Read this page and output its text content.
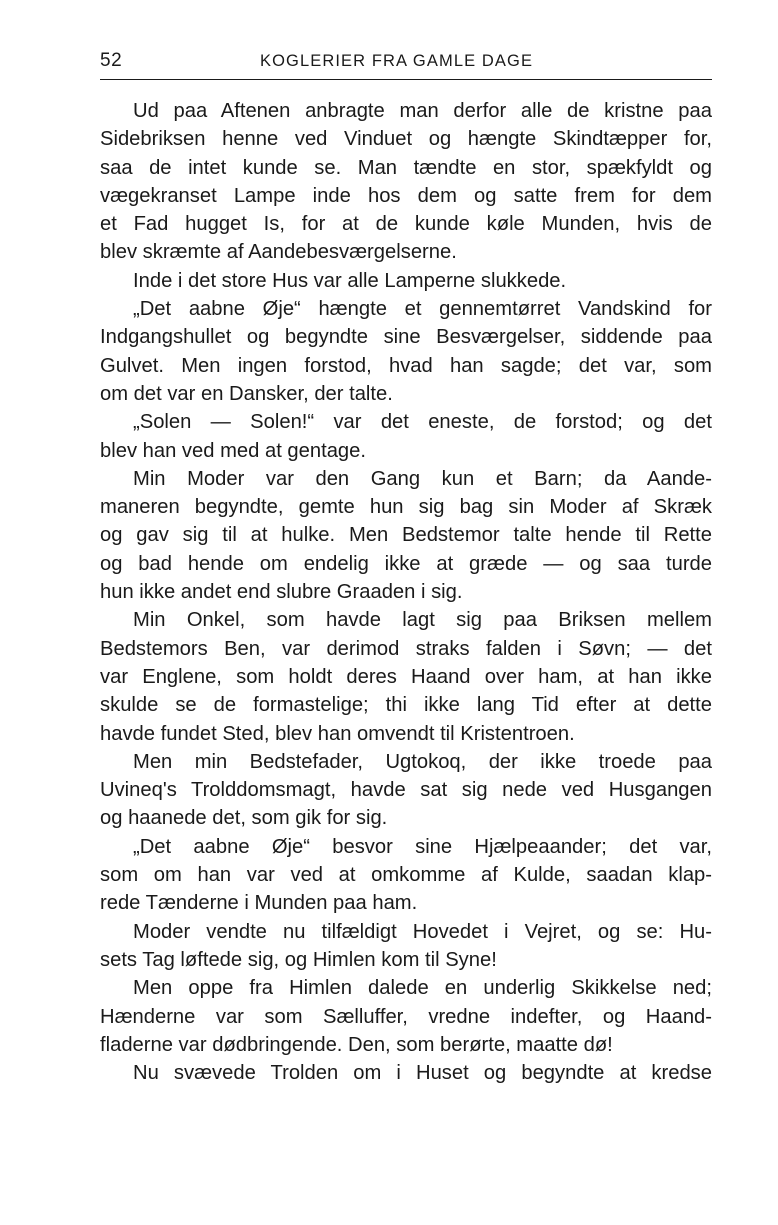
52	KOGLERIER FRA GAMLE DAGE
Ud paa Aftenen anbragte man derfor alle de kristne paa
Sidebriksen henne ved Vinduet og hængte Skindtæpper for,
saa de intet kunde se. Man tændte en stor, spækfyldt og
vægekranset Lampe inde hos dem og satte frem for dem
et Fad hugget Is, for at de kunde køle Munden, hvis de
blev skræmte af Aandebesværgelserne.
Inde i det store Hus var alle Lamperne slukkede.
„Det aabne Øje“ hængte et gennemtørret Vandskind for
Indgangshullet og begyndte sine Besværgelser, siddende paa
Gulvet. Men ingen forstod, hvad han sagde; det var, som
om det var en Dansker, der talte.
„Solen — Solen!“ var det eneste, de forstod; og det
blev han ved med at gentage.
Min Moder var den Gang kun et Barn; da Aande-
maneren begyndte, gemte hun sig bag sin Moder af Skræk
og gav sig til at hulke. Men Bedstemor talte hende til Rette
og bad hende om endelig ikke at græde — og saa turde
hun ikke andet end slubre Graaden i sig.
Min Onkel, som havde lagt sig paa Briksen mellem
Bedstemors Ben, var derimod straks falden i Søvn; — det
var Englene, som holdt deres Haand over ham, at han ikke
skulde se de formastelige; thi ikke lang Tid efter at dette
havde fundet Sted, blev han omvendt til Kristentroen.
Men min Bedstefader, Ugtokoq, der ikke troede paa
Uvineq's Trolddomsmagt, havde sat sig nede ved Husgangen
og haanede det, som gik for sig.
„Det aabne Øje“ besvor sine Hjælpeaander; det var,
som om han var ved at omkomme af Kulde, saadan klap-
rede Tænderne i Munden paa ham.
Moder vendte nu tilfældigt Hovedet i Vejret, og se: Hu-
sets Tag løftede sig, og Himlen kom til Syne!
Men oppe fra Himlen dalede en underlig Skikkelse ned;
Hænderne var som Sælluffer, vredne indefter, og Haand-
fladerne var dødbringende. Den, som berørte, maatte dø!
Nu svævede Trolden om i Huset og begyndte at kredse
